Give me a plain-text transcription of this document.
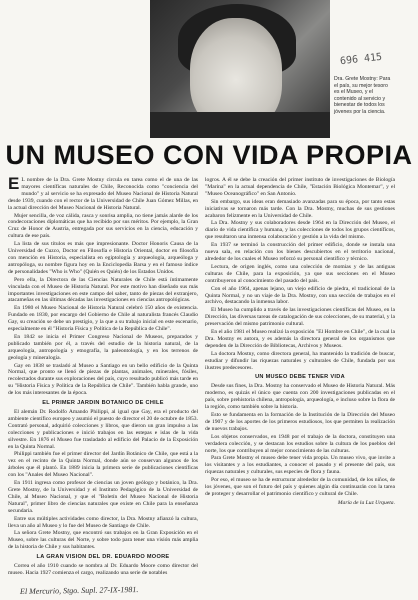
696 415
Dra. Grete Mostny: Para el país, su mejor tesoro es el Museo, y el contenido al servicio y bienestar de todos los jóvenes por la ciencia.
UN MUSEO CON VIDA PROPIA

E L nombre de la Dra. Grete Mostny circula en tarea como el de una de las mayores científicas naturales de Chile, Reconocida como "conciencia del mundo" y al servicio se ha expresado del Museo Nacional de Historia Natural desde 1939, cuando con el rector de la Universidad de Chile Juan Gómez Millas, en la actual dirección del Museo Nacional de Historia Natural.

Mujer sencilla, de voz cálida, rasca y sonrisa amplia, no tiene jamás alarde de los condecoraciones diplomáticas que ha recibido por sus méritos. Por ejemplo, la Gran Cruz de Honor de Austria, entregada por sus servicios en la ciencia, educación y cultura de ese país.

La lista de sus títulos es más que impresionante. Doctor Honoris Causa de la Universidad de Cuzco, Doctor en Filosofía e Historia Oriental, doctor en filosofía con mención en Historia, especialista en egiptología y arqueología, arqueóloga y antropóloga, su nombre figura hoy en la Enciclopedia Barsa y en el famoso índice de personalidades "Who is Who" (Quién es Quién) de los Estados Unidos.

Pero ella, la Directora de las Ciencias Naturales de Chile está íntimamente vinculada con el Museo de Historia Natural. Por este motivo han diseñado sus más importantes investigaciones en este campo del saber, tanto de piezas del extranjero, atacameñas en las últimas décadas las investigaciones en ciencias antropológicas.

En 1980 el Museo Nacional de Historia Natural celebró 150 años de existencia. Fundado en 1830, por encargo del Gobierno de Chile al naturalista francés Claudio Gay, su creación se debe un prestigio, y la que a su trabajo inicial en este escenario, especialmente en él "Historia Física y Política de la República de Chile".

En 1842 se inicia el Primer Congreso Nacional de Museos, preparados y publicado también por él, a través del estudio de la historia natural, de la arqueología, antropología y etnografía, la paleontología, y en los terrenos de geología y mineralogía.

Gay en 1838 se trasladó al Museo a Santiago en un bello edificio de la Quinta Normal, que pronto se llenó de piezas de plantas, animales, minerales, fósiles, recolectados durante sus exploraciones del país, cuyo resultado publicó más tarde en su "Historia Física y Política de la República de Chile". También habla grande, uno de los más interesantes de la época.

EL PRIMER JARDIN BOTANICO DE CHILE

El alemán Dr. Rodolfo Amando Philippi, al igual que Gay, era el producto del ambiente científico europeo y asumió el puesto de director el 20 de octubre de 1853. Contrató personal, adquirió colecciones y libros, que dieron un gran impulso a las colecciones y publicaciones e inició trabajos en las estepas e islas de la vida silvestre. En 1876 el Museo fue trasladado al edificio del Palacio de la Exposición en la Quinta Normal.

Philippi también fue el primer director del Jardín Botánico de Chile, que está a la vez en el recinto de la Quinta Normal, donde aún se conservan algunos de los árboles que él plantó. En 1889 inicia la primera serie de publicaciones científicas con los "Anales del Museo Nacional".

En 1911 ingresa como profesor de ciencias un joven geólogo y botánico, la Dra. Grete Mostny, de la Universidad y el Instituto Pedagógico de la Universidad de Chile, al Museo Nacional, y que el "Boletín del Museo Nacional de Historia Natural", primer libro de ciencias naturales que existe en Chile para la enseñanza secundaria.

Entre sus múltiples actividades como director, la Dra. Mostny afianzó la cultura, lleva un año al Museo y lo fue del Museo de Santiago de Chile.

La señora Grete Mostny, que encontró sus trabajos en la Gran Exposición en el Museo, sobre las culturas del Norte, y sobre todo para tener una visión más amplia de la historia de Chile y sus habitantes.

LA GRAN VISION DEL DR. EDUARDO MOORE

Correa el año 1910 cuando se nombra al Dr. Eduardo Moore como director del museo. Hacia 1927 comienza el cargo, realizando una serie de notables

logros. A él se debe la creación del primer instituto de investigaciones de Biología "Marina" en la actual dependencia de Chile, "Estación Biológica Montemar", y el "Museo Oceanográfico" en San Antonio.

Sin embargo, sus ideas eran demasiado avanzadas para su época, por tanto estas iniciativas se tornaron más tarde. Con la Dra. Mostny, muchas de sus gestiones acabaron felizmente en la Universidad de Chile.

La Dra. Mostny y sus colaboradores desde 1964 en la Dirección del Museo, el diario de vida científica y humana, y las colecciones de todos los grupos científicos, que resultaron una inmensa colaboración y gestión a la vida del mismo.

En 1937 se terminó la construcción del primer edificio, donde se instala una nueva sala, en relación con los bienes descubiertos en el territorio nacional, alrededor de los cuales el Museo reforzó su personal científico y técnico.

Lectura, de origen inglés, como una colección de momias y de las antiguas culturas de Chile, para la exposición, ya que sus secciones en el Museo contribuyeron al conocimiento del pasado del país.

Con el año 1964, apenas lejano, un viejo edificio de piedra, el tradicional de la Quinta Normal, y no un viaje de la Dra. Mostny, con una sección de trabajos en el archivo, destacando la inmensa labor.

El Museo ha cumplido a través de las investigaciones científicas del Museo, en la Dirección, las diversas tareas de catalogación de sus colecciones, de su material, y la preservación del mismo patrimonio cultural.

En el año 1981 el Museo realizó la exposición "El Hombre en Chile", de la cual la Dra. Mostny es autora, y es además la directora general de los organismos que dependen de la Dirección de Bibliotecas, Archivos y Museos.

La doctora Mostny, como directora general, ha mantenido la tradición de buscar, estudiar y difundir las riquezas naturales y culturales de Chile, fundada por sus ilustres predecesores.

UN MUSEO DEBE TENER VIDA

Desde sus fines, la Dra. Mostny ha conservado el Museo de Historia Natural. Más moderno, es quizás el único que cuenta con 200 investigaciones publicadas en el país, sobre prehistoria chilena, antropología, arqueología, e incluso sobre la flora de la región, como también sobre la historia.

Esto se fundamenta en la formación de la Institución de la Dirección del Museo de 1907 y de los aportes de los primeros estudiosos, los que permiten la realización de nuevos trabajos.

Los objetos conservados, en 1948 por el trabajo de la doctora, constituyen una verdadera colección, y se destacan los estudios sobre la cultura de los pueblos del norte, los que contribuyen al mejor conocimiento de las culturas.

Para Grete Mostny el museo debe tener vida propia. Un museo vivo, que invite a los visitantes y a los estudiantes, a conocer el pasado y el presente del país, sus riquezas naturales y culturales, sus especies de flora y fauna.

Por eso, el museo se ha de estructurar alrededor de la comunidad, de los niños, de los jóvenes, que son el futuro del país y quienes algún día continuarán con la tarea de proteger y desarrollar el patrimonio científico y cultural de Chile.

María de la Luz Urqueta.
El Mercurio, Stgo. Supl. 27-IX-1981.
